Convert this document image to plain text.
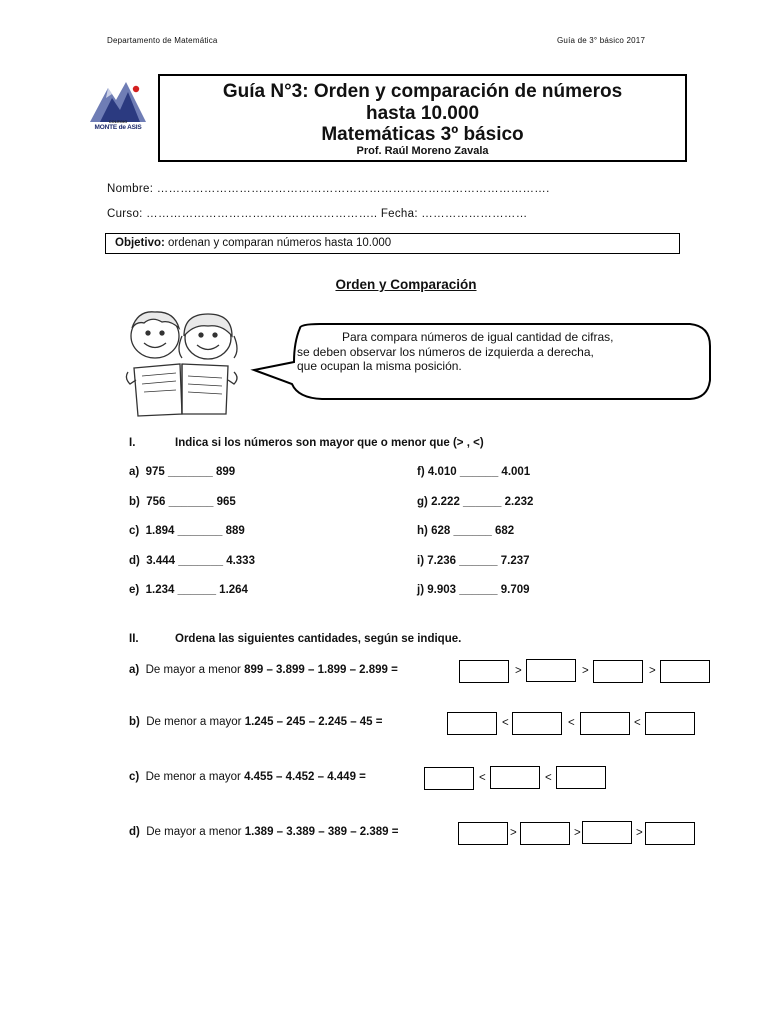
Departamento de Matemática	Guía de 3° básico 2017
COLEGIO
MONTE de ASIS
Guía N°3: Orden y comparación de números
hasta 10.000
Matemáticas 3º básico
Prof. Raúl Moreno Zavala
Nombre: ……………………………………………………………………………………….
Curso: ………………………………………………….. Fecha: ………………………
Objetivo: ordenan y comparan números hasta 10.000
Orden y Comparación
Para compara números de igual cantidad de cifras,
se deben observar los números de izquierda a derecha,
que ocupan la misma posición.
I.	Indica si los números son mayor que o menor que (> , <)
a) 975 _______ 899
b) 756 _______ 965
c) 1.894 _______ 889
d) 3.444 _______ 4.333
e) 1.234 ______ 1.264
f) 4.010 ______ 4.001
g) 2.222 ______ 2.232
h) 628 ______ 682
i) 7.236 ______ 7.237
j) 9.903 ______ 9.709
II.	Ordena las siguientes cantidades, según se indique.
a) De mayor a menor 899 – 3.899 – 1.899 – 2.899 =	>	>	>
b) De menor a mayor 1.245 – 245 – 2.245 – 45 =	<	<	<
c) De menor a mayor 4.455 – 4.452 – 4.449 =	<	<
d) De mayor a menor 1.389 – 3.389 – 389 – 2.389 =	>	>	>
